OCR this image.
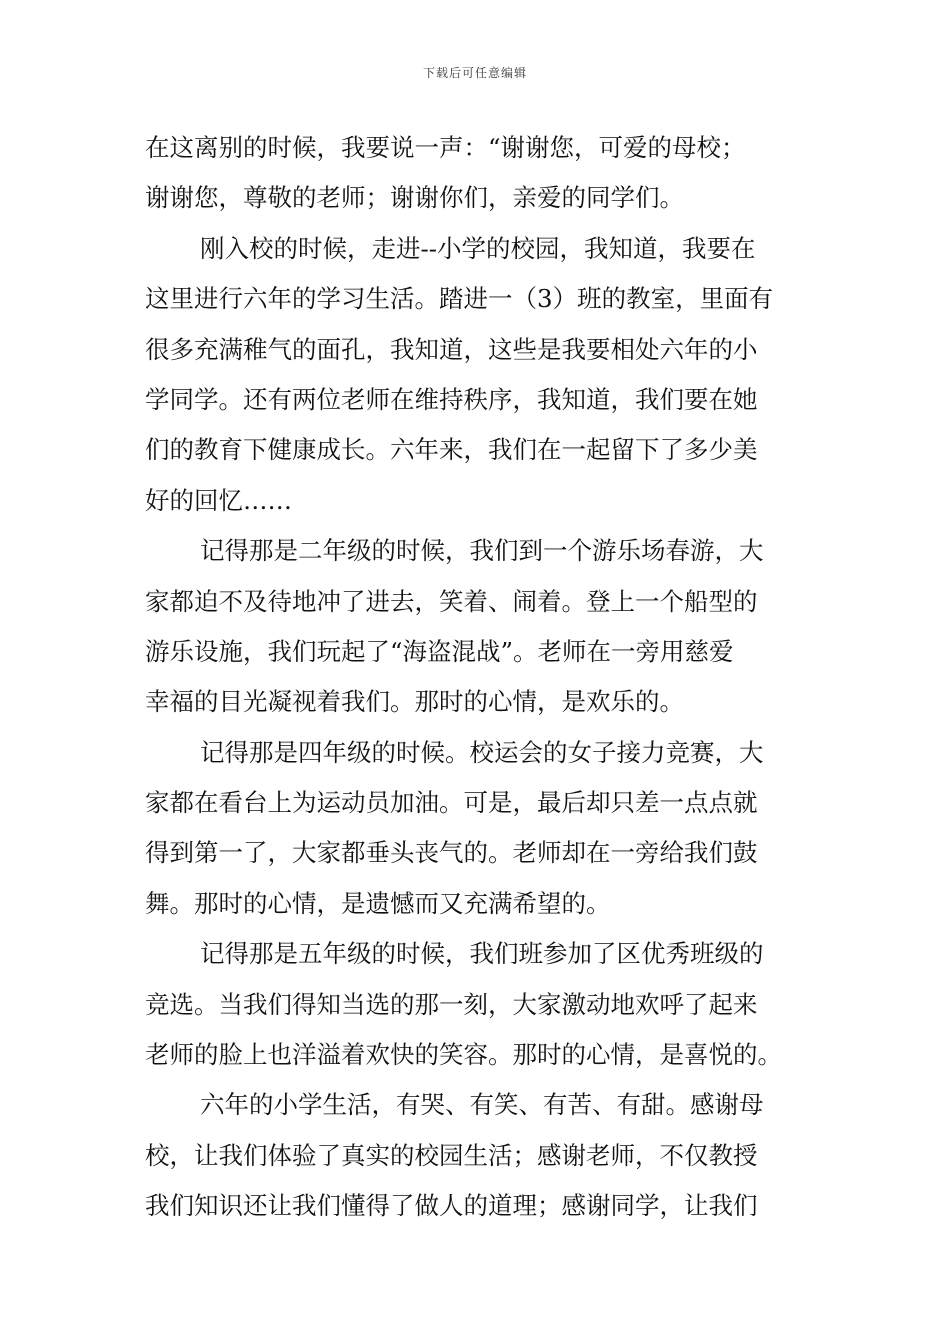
下载后可任意编辑
在这离别的时候，我要说一声：“谢谢您，可爱的母校；
谢谢您，尊敬的老师；谢谢你们，亲爱的同学们。
刚入校的时候，走进--小学的校园，我知道，我要在
这里进行六年的学习生活。踏进一（3）班的教室，里面有
很多充满稚气的面孔，我知道，这些是我要相处六年的小
学同学。还有两位老师在维持秩序，我知道，我们要在她
们的教育下健康成长。六年来，我们在一起留下了多少美
好的回忆……
记得那是二年级的时候，我们到一个游乐场春游，大
家都迫不及待地冲了进去，笑着、闹着。登上一个船型的
游乐设施，我们玩起了“海盗混战”。老师在一旁用慈爱
幸福的目光凝视着我们。那时的心情，是欢乐的。
记得那是四年级的时候。校运会的女子接力竞赛，大
家都在看台上为运动员加油。可是，最后却只差一点点就
得到第一了，大家都垂头丧气的。老师却在一旁给我们鼓
舞。那时的心情，是遗憾而又充满希望的。
记得那是五年级的时候，我们班参加了区优秀班级的
竞选。当我们得知当选的那一刻，大家激动地欢呼了起来
老师的脸上也洋溢着欢快的笑容。那时的心情，是喜悦的。
六年的小学生活，有哭、有笑、有苦、有甜。感谢母
校，让我们体验了真实的校园生活；感谢老师，不仅教授
我们知识还让我们懂得了做人的道理；感谢同学，让我们
